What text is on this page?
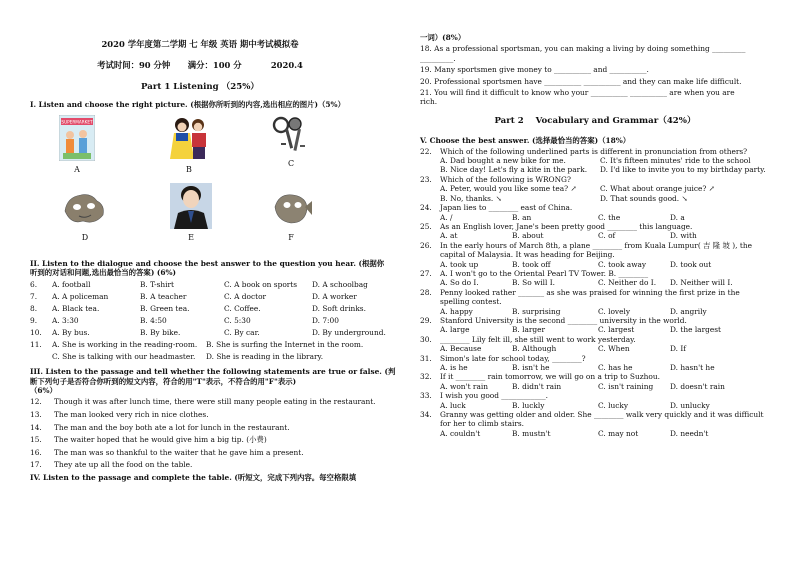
2020 学年度第二学期 七 年级 英语 期中考试模拟卷
考试时间：90 分钟      满分：100 分          2020.4
Part 1 Listening （25%）
I. Listen and choose the right picture. (根据你所听到的内容,选出相应的图片)（5%）
SUPERMARKET
A	B
C
D	E	F
II. Listen to the dialogue and choose the best answer to the question you hear. (根据你
听到的对话和问题,选出最恰当的答案) (6%)
6. A. football	B. T-shirt	C. A book on sports D. A schoolbag
7. A. A policeman	B. A teacher	C. A doctor	D. A worker
8. A. Black tea.	B. Green tea.	C. Coffee.	D. Soft drinks.
9. A. 3:30	B. 4:50	C. 5:30	D. 7:00
10. A. By bus.	B. By bike.	C. By car.	D. By underground.
11. A. She is working in the reading-room. B. She is surfing the Internet in the room.
C. She is talking with our headmaster. D. She is reading in the library.
III. Listen to the passage and tell whether the following statements are true or false. (判
断下列句子是否符合你听到的短文内容，符合的用"T"表示，不符合的用"F"表示)
（6%）
12. Though it was after lunch time, there were still many people eating in the restaurant.
13. The man looked very rich in nice clothes.
14. The man and the boy both ate a lot for lunch in the restaurant.
15. The waiter hoped that he would give him a big tip. (小费)
16. The man was so thankful to the waiter that he gave him a present.
17. They ate up all the food on the table.
IV. Listen to the passage and complete the table. (听短文，完成下列内容。每空格限填
一词）(8%）
18. As a professional sportsman, you can making a living by doing something _________
_________.
19. Many sportsmen give money to __________ and __________.
20. Professional sportsmen have __________ __________ and they can make life difficult.
21. You will find it difficult to know who your __________ __________ are when you are
rich.
Part 2    Vocabulary and Grammar（42%）
V. Choose the best answer. (选择最恰当的答案)（18%）
22. Which of the following underlined parts is different in pronunciation from others?
A. Dad bought a new bike for me.	C. It's fifteen minutes' ride to the school
B. Nice day! Let's fly a kite in the park. D. I'd like to invite you to my birthday party.
23. Which of the following is WRONG?
A. Peter, would you like some tea? ↗	C. What about orange juice? ↗
B. No, thanks. ↘	D. That sounds good. ↘
24. Japan lies to ________ east of China.
A. /	B. an	C. the	D. a
25. As an English lover, Jane's been pretty good ________ this language.
A. at	B. about	C. of	D. with
26. In the early hours of March 8th, a plane ________ from Kuala Lumpur( 吉 隆 坡 ), the
capital of Malaysia. It was heading for Beijing.
A. took up	B. took off	C. took away	D. took out
27. A. I won't go to the Oriental Pearl TV Tower. B. ________
A. So do I.	B. So will I.	C. Neither do I. D. Neither will I.
28. Penny looked rather _______ as she was praised for winning the first prize in the
spelling contest.
A. happy	B. surprising	C. lovely	D. angrily
29. Stanford University is the second ________ university in the world.
A. large	B. larger	C. largest	D. the largest
30. ________ Lily felt ill, she still went to work yesterday.
A. Because	B. Although	C. When	D. If
31. Simon's late for school today, ________?
A. is he	B. isn't he	C. has he	D. hasn't he
32. If it ________ rain tomorrow, we will go on a trip to Suzhou.
A. won't rain	B. didn't rain	C. isn't raining D. doesn't rain
33. I wish you good ____________.
A. luck	B. luckly	C. lucky	D. unlucky
34. Granny was getting older and older. She ________ walk very quickly and it was difficult
for her to climb stairs.
A. couldn't	B. mustn't	C. may not	D. needn't
